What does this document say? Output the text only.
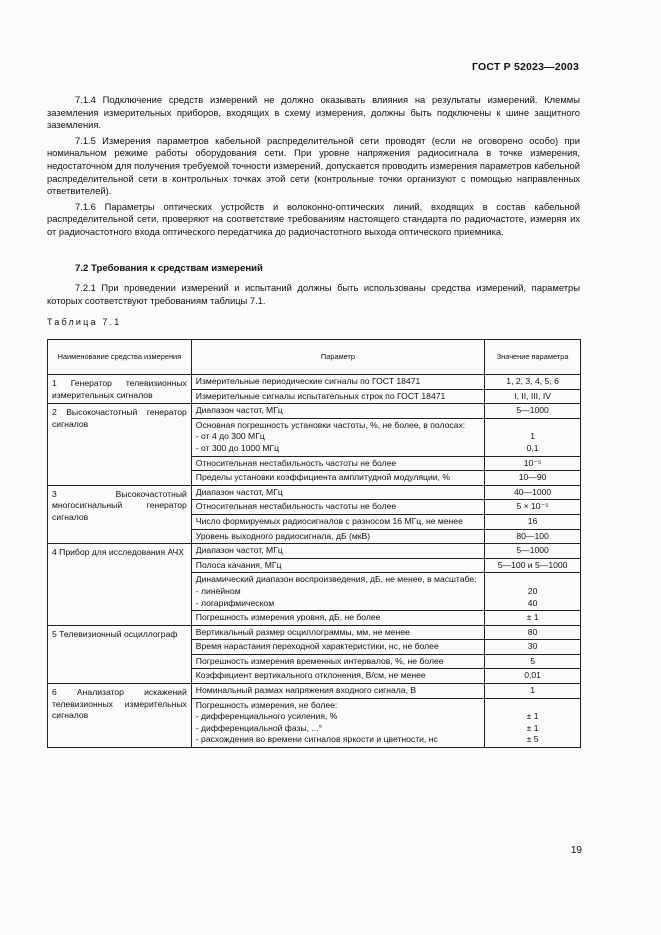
ГОСТ Р 52023—2003

7.1.4 Подключение средств измерений не должно оказывать влияния на результаты измерений. Клеммы заземления измерительных приборов, входящих в схему измерения, должны быть подключены к шине защитного заземления.

7.1.5 Измерения параметров кабельной распределительной сети проводят (если не оговорено особо) при номинальном режиме работы оборудования сети. При уровне напряжения радиосигнала в точке измерения, недостаточном для получения требуемой точности измерений, допускается проводить измерения параметров кабельной распределительной сети в контрольных точках этой сети (контрольные точки организуют с помощью направленных ответвителей).

7.1.6 Параметры оптических устройств и волоконно-оптических линий, входящих в состав кабельной распределительной сети, проверяют на соответствие требованиям настоящего стандарта по радиочастоте, измеряя их от радиочастотного входа оптического передатчика до радиочастотного выхода оптического приемника.

7.2 Требования к средствам измерений

7.2.1 При проведении измерений и испытаний должны быть использованы средства измерений, параметры которых соответствуют требованиям таблицы 7.1.

Таблица 7.1
Наименование средства измерения	Параметр	Значение параметра
1 Генератор телевизионных измерительных сигналов	Измерительные периодические сигналы по ГОСТ 18471	1, 2, 3, 4, 5, 6

	Измерительные сигналы испытательных строк по ГОСТ 18471	I, II, III, IV

2 Высокочастотный генератор сигналов	Диапазон частот, МГц	5—1000

	Основная погрешность установки частоты, %, не более, в полосах:
- от 4 до 300 МГц
- от 300 до 1000 МГц	1
0,1

	Относительная нестабильность частоты не более	10⁻⁵

	Пределы установки коэффициента амплитудной модуляции, %	10—90

3 Высокочастотный многосигнальный генератор сигналов	Диапазон частот, МГц	40—1000

	Относительная нестабильность частоты не более	5 × 10⁻⁵

	Число формируемых радиосигналов с разносом 16 МГц, не менее	16

	Уровень выходного радиосигнала, дБ (мкВ)	80—100

4 Прибор для исследования АЧХ	Диапазон частот, МГц	5—1000

	Полоса качания, МГц	5—100 и 5—1000

	Динамический диапазон воспроизведения, дБ, не менее, в масштабе:
- линейном
- логарифмическом	20
40

	Погрешность измерения уровня, дБ, не более	± 1

5 Телевизионный осциллограф	Вертикальный размер осциллограммы, мм, не менее	80

	Время нарастания переходной характеристики, нс, не более	30

	Погрешность измерения временных интервалов, %, не более	5

	Коэффициент вертикального отклонения, В/см, не менее	0,01

6 Анализатор искажений телевизионных измерительных сигналов	Номинальный размах напряжения входного сигнала, В	1

	Погрешность измерения, не более:
- дифференциального усиления, %
- дифференциальной фазы, ...°
- расхождения во времени сигналов яркости и цветности, нс	± 1
± 1
± 5
19
